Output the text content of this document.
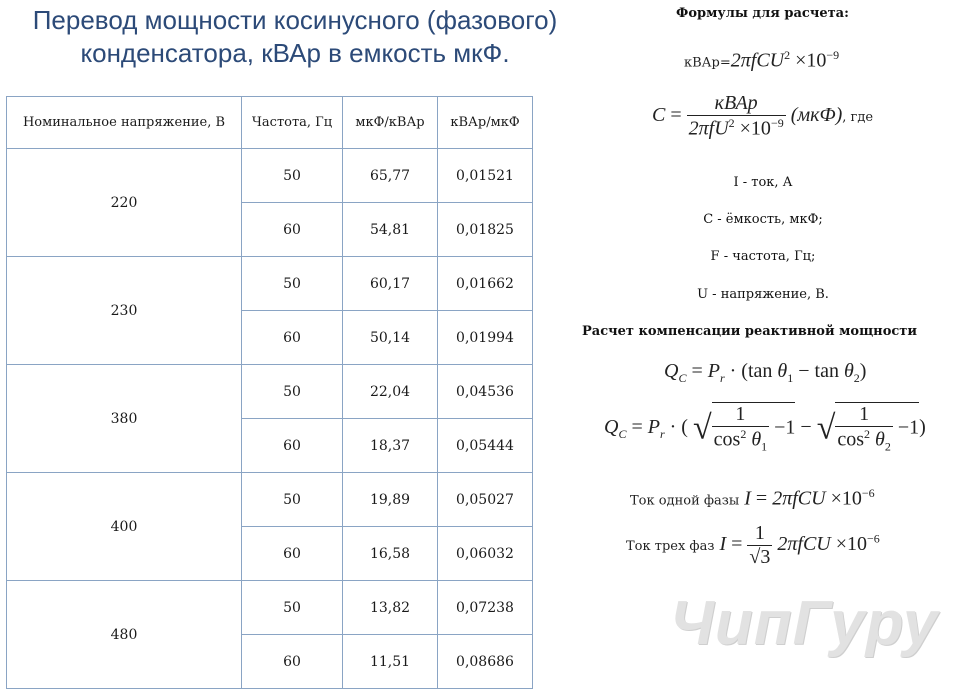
Перевод мощности косинусного (фазового)
конденсатора, кВАр в емкость мкФ.
Номинальное напряжение, В	Частота, Гц	мкФ/кВАр	кВАр/мкФ
220	50	65,77	0,01521
	60	54,81	0,01825
230	50	60,17	0,01662
	60	50,14	0,01994
380	50	22,04	0,04536
	60	18,37	0,05444
400	50	19,89	0,05027
	60	16,58	0,06032
480	50	13,82	0,07238
	60	11,51	0,08686
Формулы для расчета:
кВАр=2πfCU$^2$ $\times 10^{-9}$
$C = \frac{\text{кВАр}}{2\pi fU^2 \times 10^{-9}} (мкФ)$, где
I - ток, А
С - ёмкость, мкФ;
F - частота, Гц;
U - напряжение, В.
Расчет компенсации реактивной мощности
$Q_C = P_r \cdot (\tan$ $\theta_1 - \tan \theta_2$)
$Q_C = P_r$ · ( √ $\frac{1}{\cos^2 \theta_1} -1$ − √ $\frac{1}{\cos^2 \theta_2} -1$)
Ток одной фазы $I = 2\pi fCU \times 10^{-6}$
Ток трех фаз $I = \frac{1}{√3} 2\pi fCU \times 10^{-6}$
ЧипГуру
